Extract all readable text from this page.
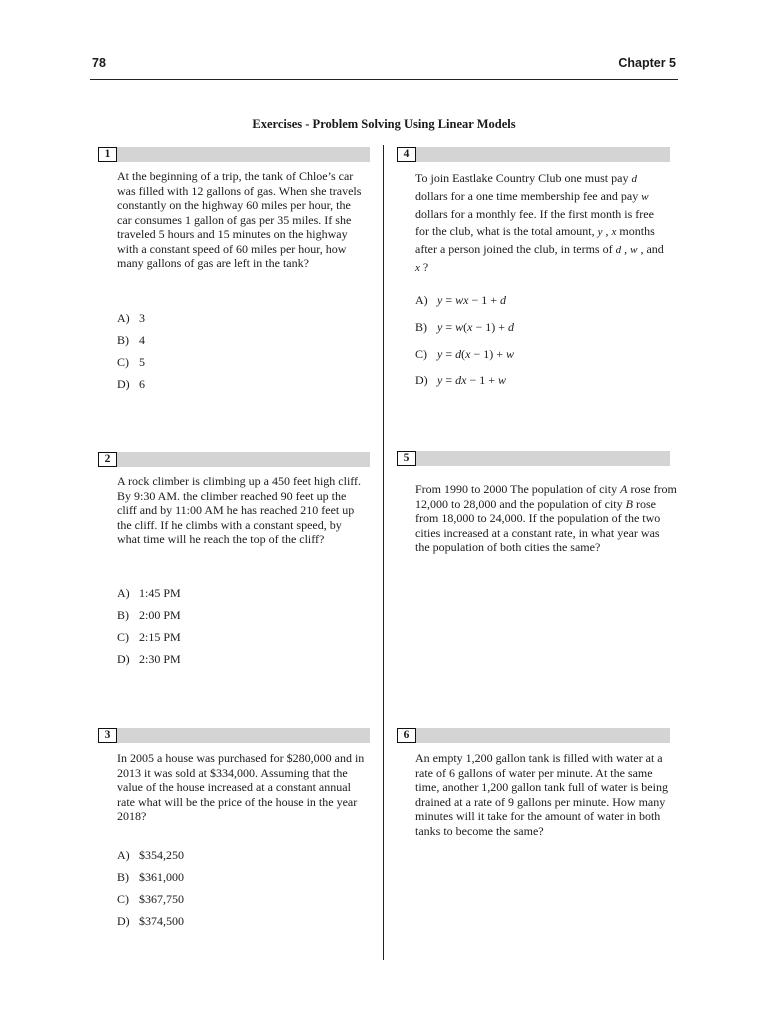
78	Chapter 5
Exercises - Problem Solving Using Linear Models
1

At the beginning of a trip, the tank of Chloe’s car was filled with 12 gallons of gas. When she travels constantly on the highway 60 miles per hour, the car consumes 1 gallon of gas per 35 miles. If she traveled 5 hours and 15 minutes on the highway with a constant speed of 60 miles per hour, how many gallons of gas are left in the tank?

A) 3
B) 4
C) 5
D) 6
2

A rock climber is climbing up a 450 feet high cliff. By 9:30 AM. the climber reached 90 feet up the cliff and by 11:00 AM he has reached 210 feet up the cliff. If he climbs with a constant speed, by what time will he reach the top of the cliff?

A) 1:45 PM
B) 2:00 PM
C) 2:15 PM
D) 2:30 PM
3

In 2005 a house was purchased for $280,000 and in 2013 it was sold at $334,000. Assuming that the value of the house increased at a constant annual rate what will be the price of the house in the year 2018?

A) $354,250
B) $361,000
C) $367,750
D) $374,500
4

To join Eastlake Country Club one must pay d dollars for a one time membership fee and pay w dollars for a monthly fee. If the first month is free for the club, what is the total amount, y , x months after a person joined the club, in terms of d , w , and x ?

A) y = wx − 1 + d
B) y = w(x − 1) + d
C) y = d(x − 1) + w
D) y = dx − 1 + w
5

From 1990 to 2000 The population of city A rose from 12,000 to 28,000 and the population of city B rose from 18,000 to 24,000. If the population of the two cities increased at a constant rate, in what year was the population of both cities the same?

6

An empty 1,200 gallon tank is filled with water at a rate of 6 gallons of water per minute. At the same time, another 1,200 gallon tank full of water is being drained at a rate of 9 gallons per minute. How many minutes will it take for the amount of water in both tanks to become the same?
